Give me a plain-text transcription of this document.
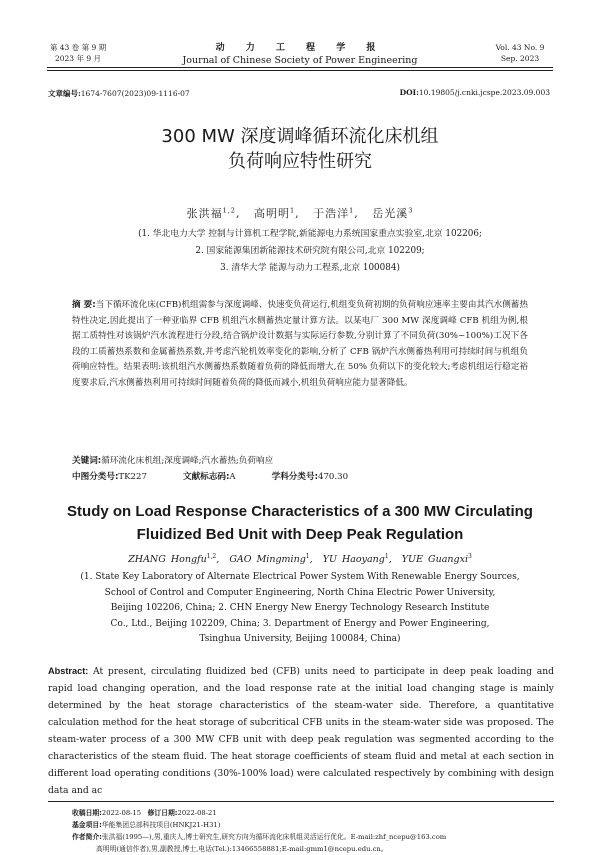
第 43 卷 第 9 期
2023 年 9 月
动 力 工 程 学 报
Journal of Chinese Society of Power Engineering
Vol. 43 No. 9
Sep. 2023
文章编号:1674-7607(2023)09-1116-07	DOI:10.19805/j.cnki.jcspe.2023.09.003
300 MW 深度调峰循环流化床机组
负荷响应特性研究
张洪福$^{1,2}$,   高明明$^1$,   于浩洋$^1$,   岳光溪$^3$
(1. 华北电力大学 控制与计算机工程学院,新能源电力系统国家重点实验室,北京 102206;
2. 国家能源集团新能源技术研究院有限公司,北京 102209;
3. 清华大学 能源与动力工程系,北京 100084)
摘 要:当下循环流化床(CFB)机组需参与深度调峰、快速变负荷运行,机组变负荷初期的负荷响应速率主要由其汽水侧蓄热特性决定,因此提出了一种亚临界 CFB 机组汽水侧蓄热定量计算方法。以某电厂 300 MW 深度调峰 CFB 机组为例,根据工质特性对该锅炉汽水流程进行分段,结合锅炉设计数据与实际运行参数,分别计算了不同负荷(30%~100%)工况下各段的工质蓄热系数和金属蓄热系数,并考虑汽轮机效率变化的影响,分析了 CFB 锅炉汽水侧蓄热利用可持续时间与机组负荷响应特性。结果表明:该机组汽水侧蓄热系数随着负荷的降低而增大,在 50% 负荷以下的变化较大;考虑机组运行稳定裕度要求后,汽水侧蓄热利用可持续时间随着负荷的降低而减小,机组负荷响应能力显著降低。
关键词:循环流化床机组;深度调峰;汽水蓄热;负荷响应
中图分类号:TK227	文献标志码:A	学科分类号:470.30
Study on Load Response Characteristics of a 300 MW Circulating
Fluidized Bed Unit with Deep Peak Regulation
ZHANG Hongfu$^{1,2}$,  GAO Mingming$^1$,  YU Haoyang$^1$,  YUE Guangxi$^3$
(1. State Key Laboratory of Alternate Electrical Power System With Renewable Energy Sources,
School of Control and Computer Engineering, North China Electric Power University,
Beijing 102206, China; 2. CHN Energy New Energy Technology Research Institute
Co., Ltd., Beijing 102209, China; 3. Department of Energy and Power Engineering,
Tsinghua University, Beijing 100084, China)
Abstract: At present, circulating fluidized bed (CFB) units need to participate in deep peak loading and rapid load changing operation, and the load response rate at the initial load changing stage is mainly determined by the heat storage characteristics of the steam-water side. Therefore, a quantitative calculation method for the heat storage of subcritical CFB units in the steam-water side was proposed. The steam-water process of a 300 MW CFB unit with deep peak regulation was segmented according to the characteristics of the steam fluid. The heat storage coefficients of steam fluid and metal at each section in different load operating conditions (30%-100% load) were calculated respectively by combining with design data and ac
收稿日期:2022-08-15 修订日期:2022-08-21
基金项目:华能集团总部科技项目(HNKJ21-H31)
作者简介:张洪福(1995—),男,重庆人,博士研究生,研究方向为循环流化床机组灵活运行优化。E-mail:zhf_ncepu@163.com
高明明(通信作者),男,副教授,博士,电话(Tel.):13466558881;E-mail:gmm1@ncepu.edu.cn。
